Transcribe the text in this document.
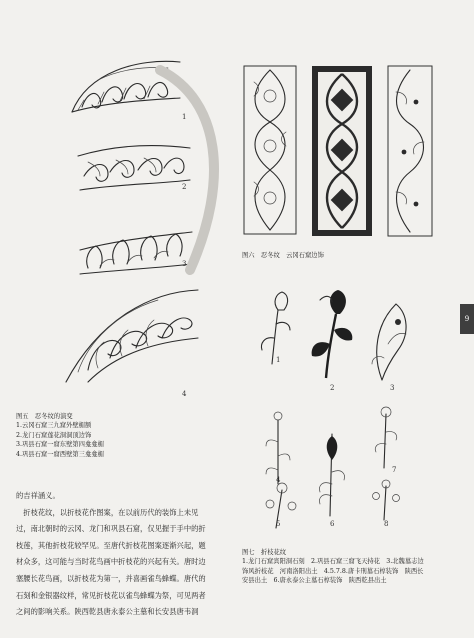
1
2
3
4
图五　忍冬纹的演变
1.云冈石窟三九窟外壁楣额
2.龙门石窟莲花洞洞顶边饰
3.巩县石窟一窟东壁第四龛龛楣
4.巩县石窟一窟西壁第三龛龛楣
图六　忍冬纹　云冈石窟边饰
1
2	3
4
5	6
7
8
图七　折枝花纹
1.龙门石窟宾阳洞石刻　2.巩县石窟三窟飞天持花　3.北魏墓志边
饰风折枝花　河南洛阳出土　4.5.7.8.唐卡刑墓石椁装饰　陕西长
安县出土　6.唐永泰公主墓石椁装饰　陕西乾县出土
的吉祥涵义。
　折枝花纹，以折枝花作图案，在以前历代的装饰上未见
过，南北朝时的云冈、龙门和巩县石窟，仅见握于手中的折
枝莲，其他折枝花较罕见。至唐代折枝花图案逐渐兴起，题
材众多，这可能与当时花鸟画中折枝花的兴起有关。唐时边
塞腰长花鸟画，以折枝花为第一，并喜画雀鸟蜂蝶。唐代的
石刻和金银器纹样，常见折枝花以雀鸟蜂蝶为祭，可见两者
之间的影响关系。陕西乾县唐永泰公主墓和长安县唐韦洞
9
